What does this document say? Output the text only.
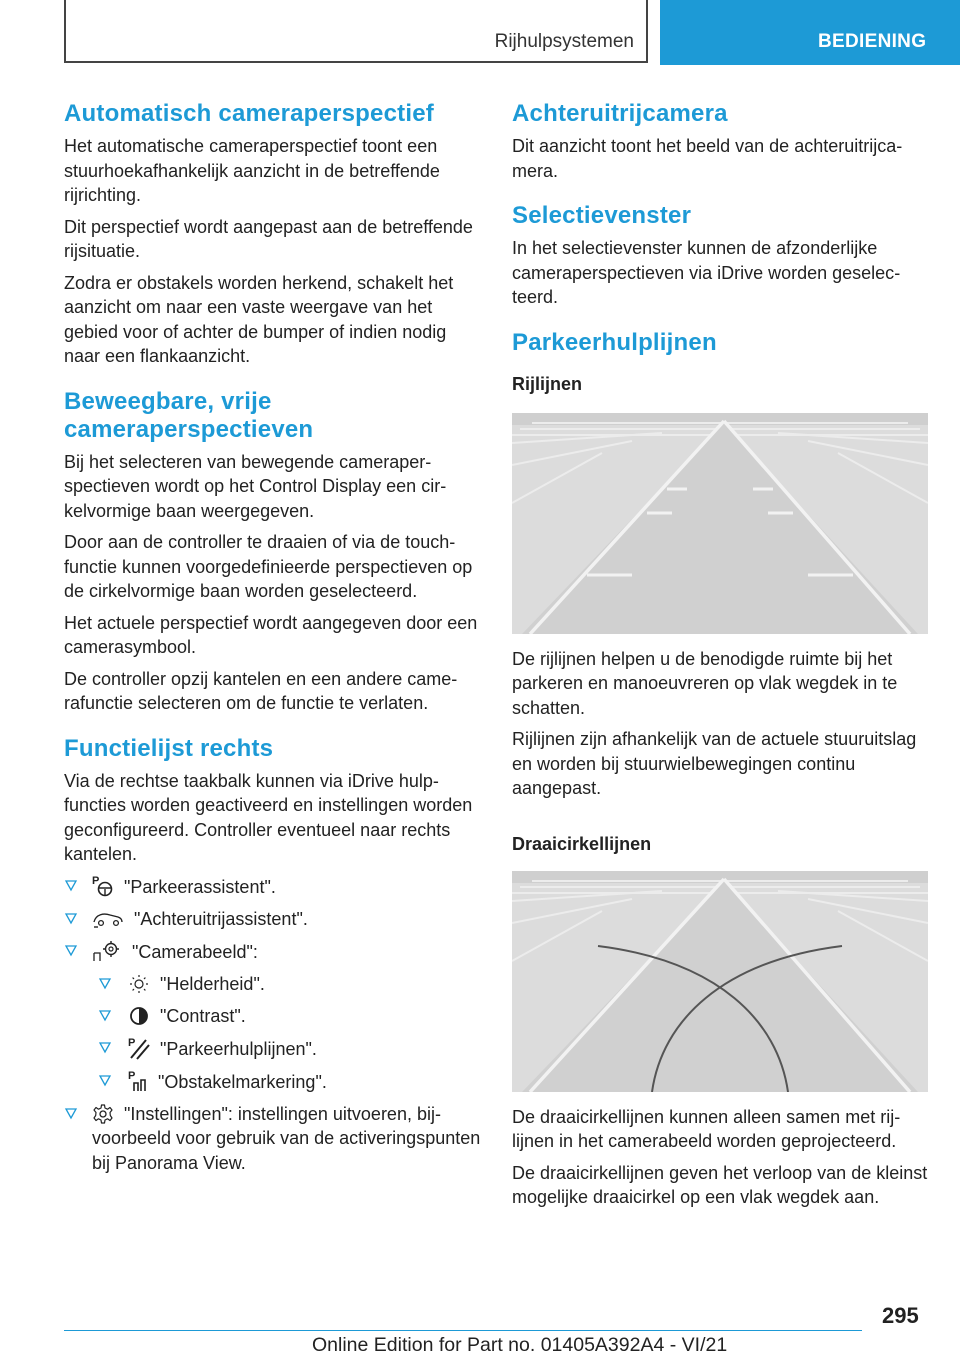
Rijhulpsystemen	BEDIENING
Automatisch cameraperspectief

Het automatische cameraperspectief toont een stuurhoekafhankelijk aanzicht in de betreffende rijrichting.

Dit perspectief wordt aangepast aan de betreffende rijsituatie.

Zodra er obstakels worden herkend, schakelt het aanzicht om naar een vaste weergave van het gebied voor of achter de bumper of indien nodig naar een flankaanzicht.

Beweegbare, vrije cameraperspectieven

Bij het selecteren van bewegende cameraperspectieven wordt op het Control Display een cirkelvormige baan weergegeven.

Door aan de controller te draaien of via de touchfunctie kunnen voorgedefinieerde perspectieven op de cirkelvormige baan worden geselecteerd.

Het actuele perspectief wordt aangegeven door een camerasymbool.

De controller opzij kantelen en een andere camerafunctie selecteren om de functie te verlaten.

Functielijst rechts

Via de rechtse taakbalk kunnen via iDrive hulpfuncties worden geactiveerd en instellingen worden geconfigureerd. Controller eventueel naar rechts kantelen.

P "Parkeerassistent".
"Achteruitrijassistent".
"Camerabeeld":
"Helderheid".
"Contrast".
P "Parkeerhulplijnen".
P "Obstakelmarkering".
"Instellingen": instellingen uitvoeren, bijvoorbeeld voor gebruik van de activeringspunten bij Panorama View.
Achteruitrijcamera

Dit aanzicht toont het beeld van de achteruitrijcamera.

Selectievenster

In het selectievenster kunnen de afzonderlijke cameraperspectieven via iDrive worden geselecteerd.

Parkeerhulplijnen
Rijlijnen

De rijlijnen helpen u de benodigde ruimte bij het parkeren en manoeuvreren op vlak wegdek in te schatten.

Rijlijnen zijn afhankelijk van de actuele stuuruitslag en worden bij stuurwielbewegingen continu aangepast.

Draaicirkellijnen

De draaicirkellijnen kunnen alleen samen met rijlijnen in het camerabeeld worden geprojecteerd.

De draaicirkellijnen geven het verloop van de kleinst mogelijke draaicirkel op een vlak wegdek aan.

295
Online Edition for Part no. 01405A392A4 - VI/21
